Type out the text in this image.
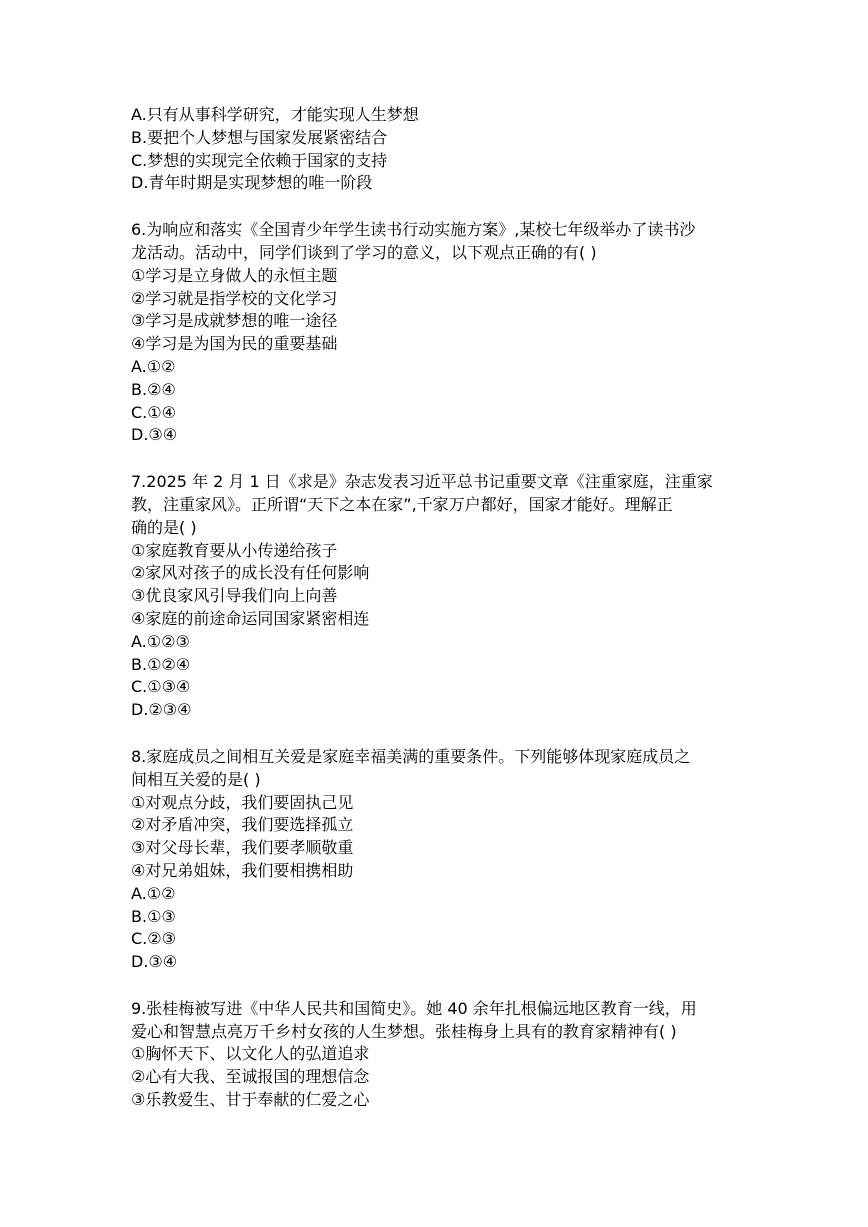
A.只有从事科学研究，才能实现人生梦想
B.要把个人梦想与国家发展紧密结合
C.梦想的实现完全依赖于国家的支持
D.青年时期是实现梦想的唯一阶段
6.为响应和落实《全国青少年学生读书行动实施方案》,某校七年级举办了读书沙
龙活动。活动中，同学们谈到了学习的意义，以下观点正确的有( )
①学习是立身做人的永恒主题
②学习就是指学校的文化学习
③学习是成就梦想的唯一途径
④学习是为国为民的重要基础
A.①②
B.②④
C.①④
D.③④
7.2025 年 2 月 1 日《求是》杂志发表习近平总书记重要文章《注重家庭，注重家
教，注重家风》。正所谓“天下之本在家”,千家万户都好，国家才能好。理解正
确的是( )
①家庭教育要从小传递给孩子
②家风对孩子的成长没有任何影响
③优良家风引导我们向上向善
④家庭的前途命运同国家紧密相连
A.①②③
B.①②④
C.①③④
D.②③④
8.家庭成员之间相互关爱是家庭幸福美满的重要条件。下列能够体现家庭成员之
间相互关爱的是( )
①对观点分歧，我们要固执己见
②对矛盾冲突，我们要选择孤立
③对父母长辈，我们要孝顺敬重
④对兄弟姐妹，我们要相携相助
A.①②
B.①③
C.②③
D.③④
9.张桂梅被写进《中华人民共和国简史》。她 40 余年扎根偏远地区教育一线，用
爱心和智慧点亮万千乡村女孩的人生梦想。张桂梅身上具有的教育家精神有( )
①胸怀天下、以文化人的弘道追求
②心有大我、至诚报国的理想信念
③乐教爱生、甘于奉献的仁爱之心
